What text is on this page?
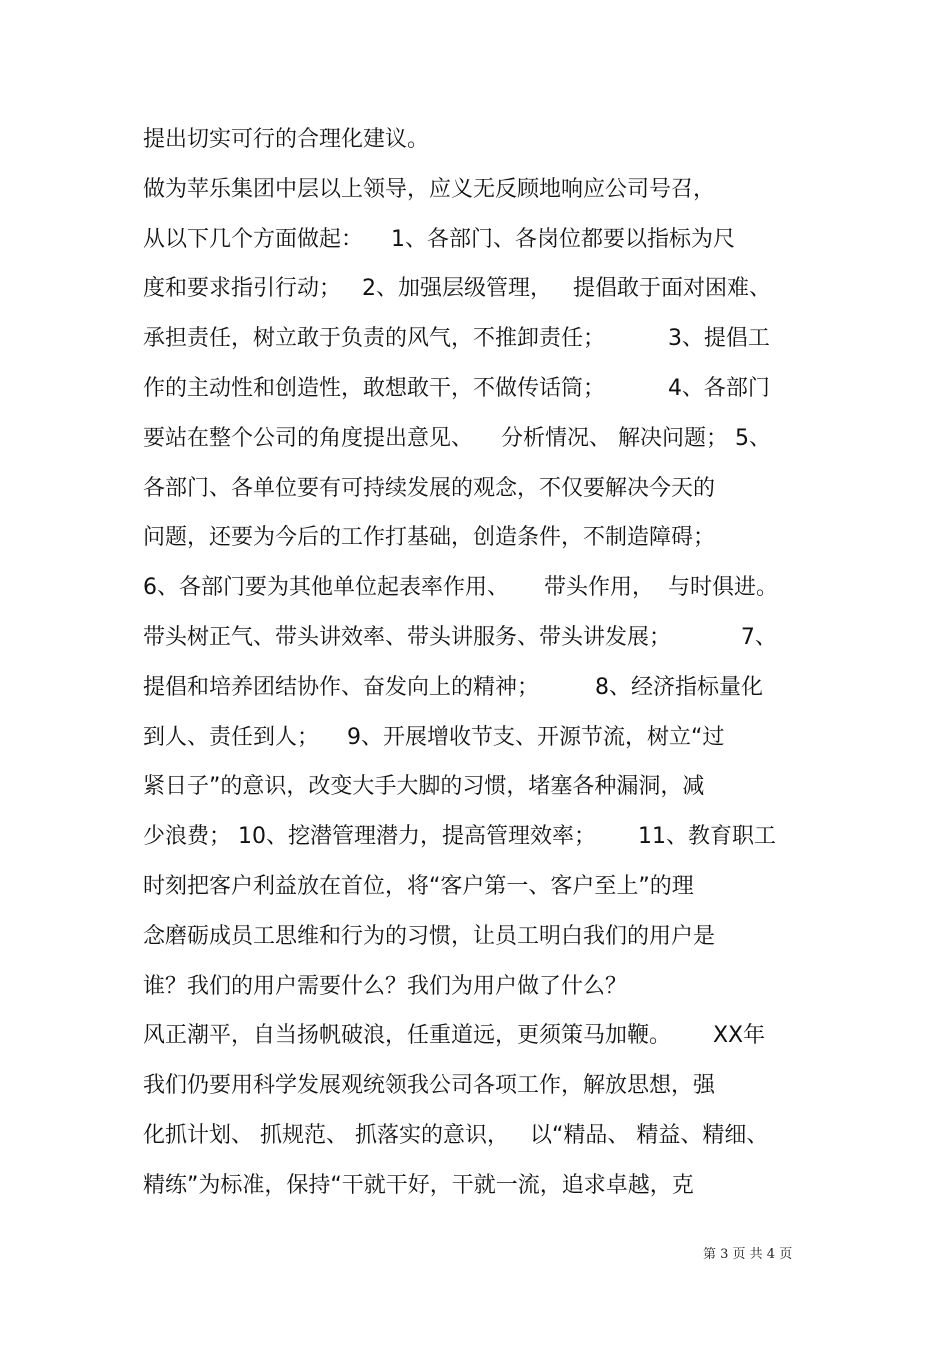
提出切实可行的合理化建议。
做为苹乐集团中层以上领导，应义无反顾地响应公司号召，
从以下几个方面做起：    1、各部门、各岗位都要以指标为尺
度和要求指引行动；   2、加强层级管理，   提倡敢于面对困难、
承担责任，树立敢于负责的风气，不推卸责任；         3、提倡工
作的主动性和创造性，敢想敢干，不做传话筒；         4、各部门
要站在整个公司的角度提出意见、    分析情况、 解决问题； 5、
各部门、各单位要有可持续发展的观念，不仅要解决今天的
问题，还要为今后的工作打基础，创造条件，不制造障碍；
6、各部门要为其他单位起表率作用、     带头作用，  与时俱进。
带头树正气、带头讲效率、带头讲服务、带头讲发展；          7、
提倡和培养团结协作、奋发向上的精神；        8、经济指标量化
到人、责任到人；    9、开展增收节支、开源节流，树立“过
紧日子”的意识，改变大手大脚的习惯，堵塞各种漏洞，减
少浪费； 10、挖潜管理潜力，提高管理效率；      11、教育职工
时刻把客户利益放在首位，将“客户第一、客户至上”的理
念磨砺成员工思维和行为的习惯，让员工明白我们的用户是
谁？我们的用户需要什么？我们为用户做了什么？
风正潮平，自当扬帆破浪，任重道远，更须策马加鞭。      XX年
我们仍要用科学发展观统领我公司各项工作，解放思想，强
化抓计划、 抓规范、 抓落实的意识，   以“精品、 精益、精细、
精练”为标准，保持“干就干好，干就一流，追求卓越，克
第 3 页 共 4 页
